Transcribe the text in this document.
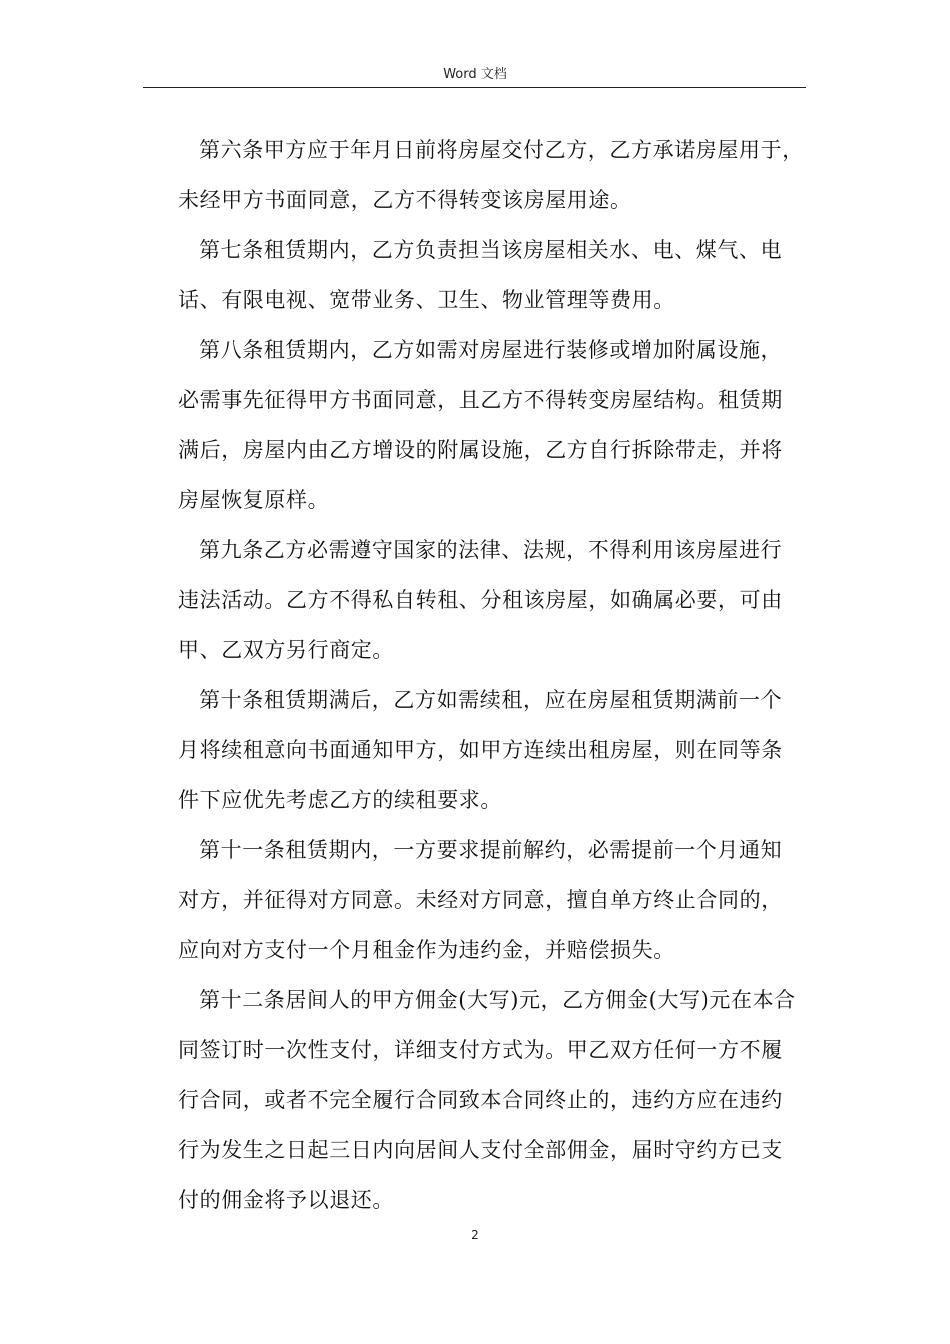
Word 文档

第六条甲方应于年月日前将房屋交付乙方，乙方承诺房屋用于，
未经甲方书面同意，乙方不得转变该房屋用途。

第七条租赁期内，乙方负责担当该房屋相关水、电、煤气、电
话、有限电视、宽带业务、卫生、物业管理等费用。

第八条租赁期内，乙方如需对房屋进行装修或增加附属设施，
必需事先征得甲方书面同意，且乙方不得转变房屋结构。租赁期
满后，房屋内由乙方增设的附属设施，乙方自行拆除带走，并将
房屋恢复原样。

第九条乙方必需遵守国家的法律、法规，不得利用该房屋进行
违法活动。乙方不得私自转租、分租该房屋，如确属必要，可由
甲、乙双方另行商定。

第十条租赁期满后，乙方如需续租，应在房屋租赁期满前一个
月将续租意向书面通知甲方，如甲方连续出租房屋，则在同等条
件下应优先考虑乙方的续租要求。

第十一条租赁期内，一方要求提前解约，必需提前一个月通知
对方，并征得对方同意。未经对方同意，擅自单方终止合同的，
应向对方支付一个月租金作为违约金，并赔偿损失。

第十二条居间人的甲方佣金(大写)元，乙方佣金(大写)元在本合
同签订时一次性支付，详细支付方式为。甲乙双方任何一方不履
行合同，或者不完全履行合同致本合同终止的，违约方应在违约
行为发生之日起三日内向居间人支付全部佣金，届时守约方已支
付的佣金将予以退还。

2
